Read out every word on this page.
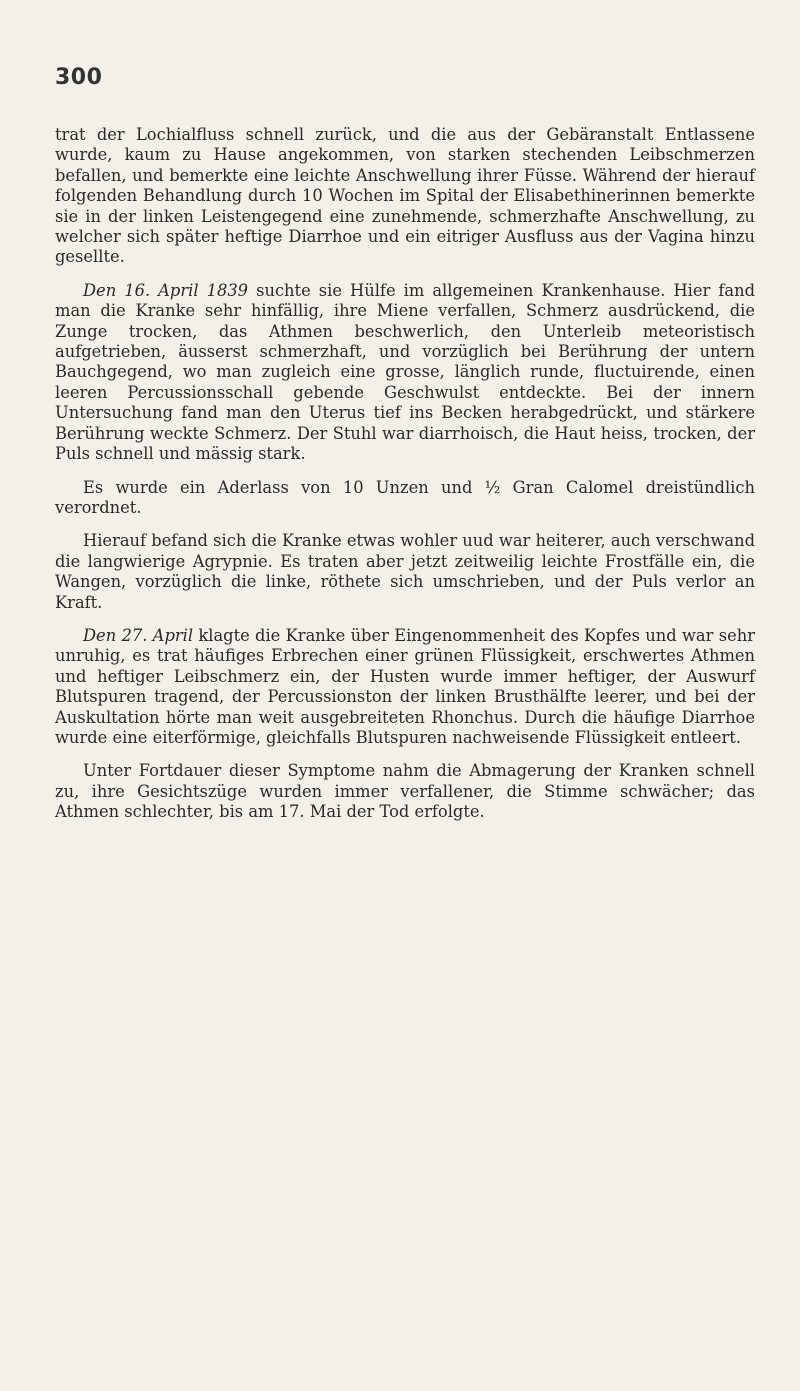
300

trat der Lochialfluss schnell zurück, und die aus der Gebäranstalt Entlassene wurde, kaum zu Hause angekommen, von starken stechenden Leibschmerzen befallen, und bemerkte eine leichte Anschwellung ihrer Füsse. Während der hierauf folgenden Behandlung durch 10 Wochen im Spital der Elisabethinerinnen bemerkte sie in der linken Leistengegend eine zunehmende, schmerzhafte Anschwellung, zu welcher sich später heftige Diarrhoe und ein eitriger Ausfluss aus der Vagina hinzu gesellte.

Den 16. April 1839 suchte sie Hülfe im allgemeinen Krankenhause. Hier fand man die Kranke sehr hinfällig, ihre Miene verfallen, Schmerz ausdrückend, die Zunge trocken, das Athmen beschwerlich, den Unterleib meteoristisch aufgetrieben, äusserst schmerzhaft, und vorzüglich bei Berührung der untern Bauchgegend, wo man zugleich eine grosse, länglich runde, fluctuirende, einen leeren Percussionsschall gebende Geschwulst entdeckte. Bei der innern Untersuchung fand man den Uterus tief ins Becken herabgedrückt, und stärkere Berührung weckte Schmerz. Der Stuhl war diarrhoisch, die Haut heiss, trocken, der Puls schnell und mässig stark.

Es wurde ein Aderlass von 10 Unzen und ½ Gran Calomel dreistündlich verordnet.

Hierauf befand sich die Kranke etwas wohler uud war heiterer, auch verschwand die langwierige Agrypnie. Es traten aber jetzt zeitweilig leichte Frostfälle ein, die Wangen, vorzüglich die linke, röthete sich umschrieben, und der Puls verlor an Kraft.

Den 27. April klagte die Kranke über Eingenommenheit des Kopfes und war sehr unruhig, es trat häufiges Erbrechen einer grünen Flüssigkeit, erschwertes Athmen und heftiger Leibschmerz ein, der Husten wurde immer heftiger, der Auswurf Blutspuren tragend, der Percussionston der linken Brusthälfte leerer, und bei der Auskultation hörte man weit ausgebreiteten Rhonchus. Durch die häufige Diarrhoe wurde eine eiterförmige, gleichfalls Blutspuren nachweisende Flüssigkeit entleert.

Unter Fortdauer dieser Symptome nahm die Abmagerung der Kranken schnell zu, ihre Gesichtszüge wurden immer verfallener, die Stimme schwächer; das Athmen schlechter, bis am 17. Mai der Tod erfolgte.
